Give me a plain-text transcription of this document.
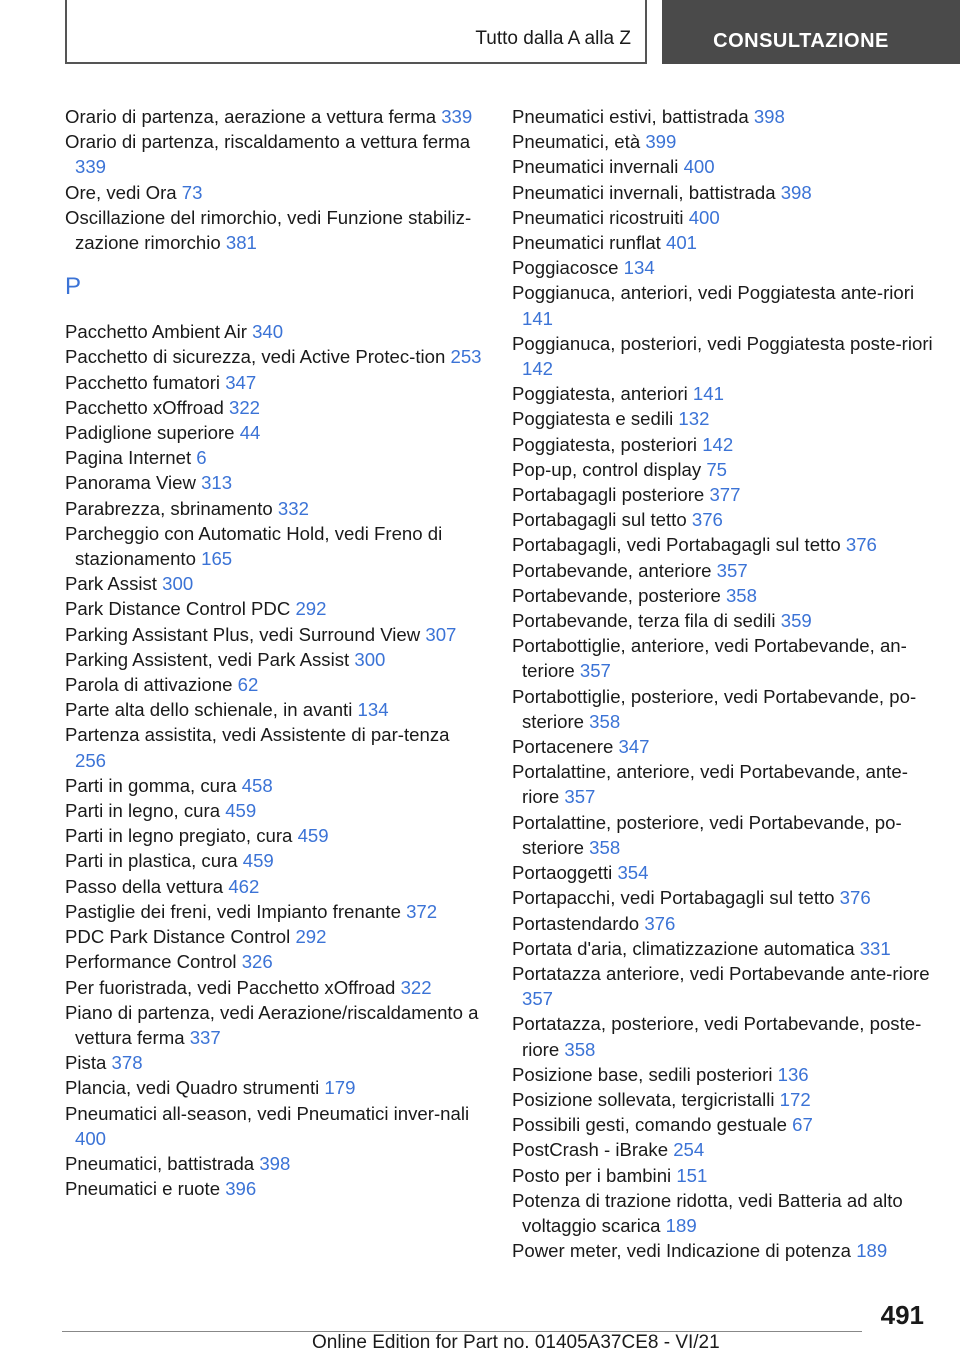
Tutto dalla A alla Z	CONSULTAZIONE
Orario di partenza, aerazione a vettura ferma 339
Orario di partenza, riscaldamento a vettura ferma 339
Ore, vedi Ora 73
Oscillazione del rimorchio, vedi Funzione stabiliz-zazione rimorchio 381
P
Pacchetto Ambient Air 340
Pacchetto di sicurezza, vedi Active Protec-tion 253
Pacchetto fumatori 347
Pacchetto xOffroad 322
Padiglione superiore 44
Pagina Internet 6
Panorama View 313
Parabrezza, sbrinamento 332
Parcheggio con Automatic Hold, vedi Freno di stazionamento 165
Park Assist 300
Park Distance Control PDC 292
Parking Assistant Plus, vedi Surround View 307
Parking Assistent, vedi Park Assist 300
Parola di attivazione 62
Parte alta dello schienale, in avanti 134
Partenza assistita, vedi Assistente di par-tenza 256
Parti in gomma, cura 458
Parti in legno, cura 459
Parti in legno pregiato, cura 459
Parti in plastica, cura 459
Passo della vettura 462
Pastiglie dei freni, vedi Impianto frenante 372
PDC Park Distance Control 292
Performance Control 326
Per fuoristrada, vedi Pacchetto xOffroad 322
Piano di partenza, vedi Aerazione/riscaldamento a vettura ferma 337
Pista 378
Plancia, vedi Quadro strumenti 179
Pneumatici all-season, vedi Pneumatici inver-nali 400
Pneumatici, battistrada 398
Pneumatici e ruote 396
Pneumatici estivi, battistrada 398
Pneumatici, età 399
Pneumatici invernali 400
Pneumatici invernali, battistrada 398
Pneumatici ricostruiti 400
Pneumatici runflat 401
Poggiacosce 134
Poggianuca, anteriori, vedi Poggiatesta ante-riori 141
Poggianuca, posteriori, vedi Poggiatesta poste-riori 142
Poggiatesta, anteriori 141
Poggiatesta e sedili 132
Poggiatesta, posteriori 142
Pop-up, control display 75
Portabagagli posteriore 377
Portabagagli sul tetto 376
Portabagagli, vedi Portabagagli sul tetto 376
Portabevande, anteriore 357
Portabevande, posteriore 358
Portabevande, terza fila di sedili 359
Portabottiglie, anteriore, vedi Portabevande, an-teriore 357
Portabottiglie, posteriore, vedi Portabevande, po-steriore 358
Portacenere 347
Portalattine, anteriore, vedi Portabevande, ante-riore 357
Portalattine, posteriore, vedi Portabevande, po-steriore 358
Portaoggetti 354
Portapacchi, vedi Portabagagli sul tetto 376
Portastendardo 376
Portata d'aria, climatizzazione automatica 331
Portatazza anteriore, vedi Portabevande ante-riore 357
Portatazza, posteriore, vedi Portabevande, poste-riore 358
Posizione base, sedili posteriori 136
Posizione sollevata, tergicristalli 172
Possibili gesti, comando gestuale 67
PostCrash - iBrake 254
Posto per i bambini 151
Potenza di trazione ridotta, vedi Batteria ad alto voltaggio scarica 189
Power meter, vedi Indicazione di potenza 189
491
Online Edition for Part no. 01405A37CE8 - VI/21
